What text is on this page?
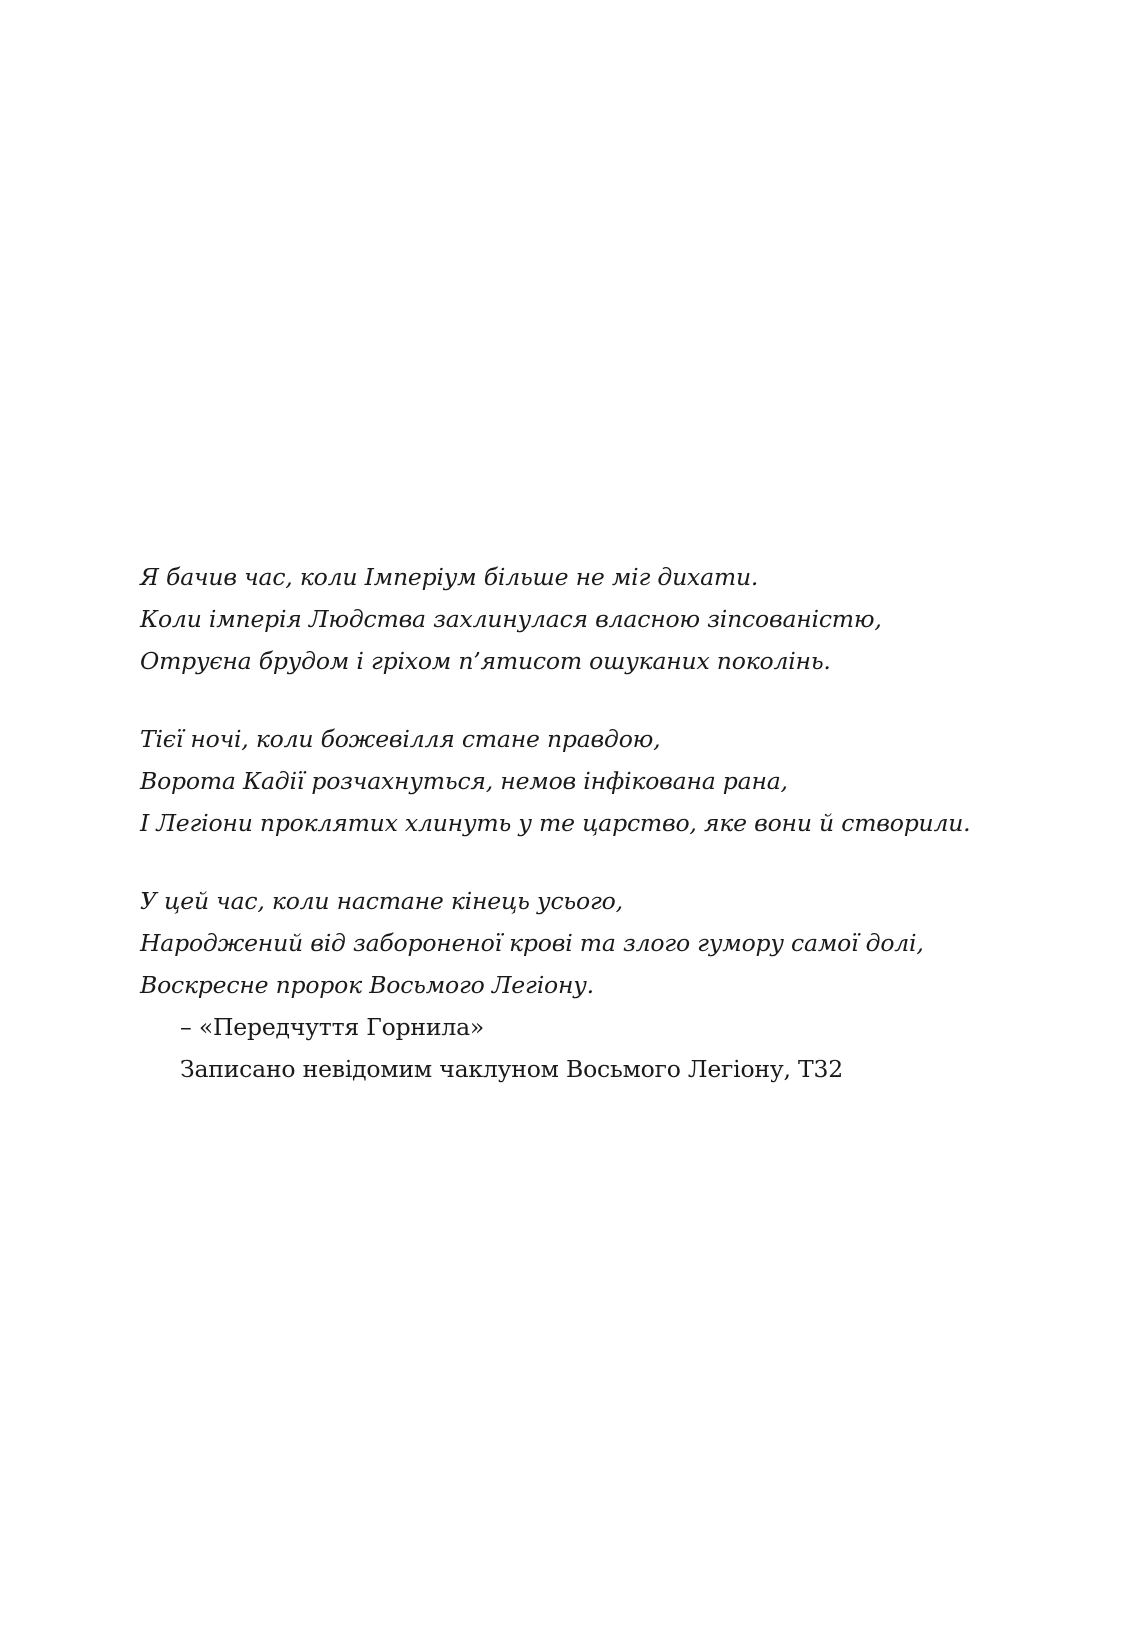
Я бачив час, коли Імперіум більше не міг дихати.
Коли імперія Людства захлинулася власною зіпсованістю,
Отруєна брудом і гріхом п’ятисот ошуканих поколінь.
Тієї ночі, коли божевілля стане правдою,
Ворота Кадії розчахнуться, немов інфікована рана,
І Легіони проклятих хлинуть у те царство, яке вони й створили.
У цей час, коли настане кінець усього,
Народжений від забороненої крові та злого гумору самої долі,
Воскресне пророк Восьмого Легіону.
– «Передчуття Горнила»
Записано невідомим чаклуном Восьмого Легіону, Т32
